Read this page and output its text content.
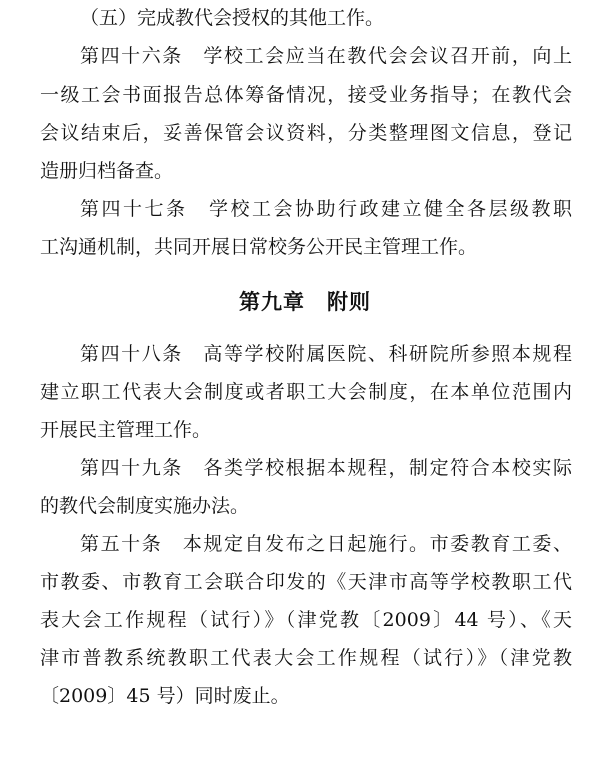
（五）完成教代会授权的其他工作。
第四十六条　学校工会应当在教代会会议召开前，向上
一级工会书面报告总体筹备情况，接受业务指导；在教代会
会议结束后，妥善保管会议资料，分类整理图文信息，登记
造册归档备查。
第四十七条　学校工会协助行政建立健全各层级教职
工沟通机制，共同开展日常校务公开民主管理工作。
第九章　附则
第四十八条　高等学校附属医院、科研院所参照本规程
建立职工代表大会制度或者职工大会制度，在本单位范围内
开展民主管理工作。
第四十九条　各类学校根据本规程，制定符合本校实际
的教代会制度实施办法。
第五十条　本规定自发布之日起施行。市委教育工委、
市教委、市教育工会联合印发的《天津市高等学校教职工代
表大会工作规程（试行）》（津党教〔2009〕44 号）、《天
津市普教系统教职工代表大会工作规程（试行）》（津党教
〔2009〕45 号）同时废止。
